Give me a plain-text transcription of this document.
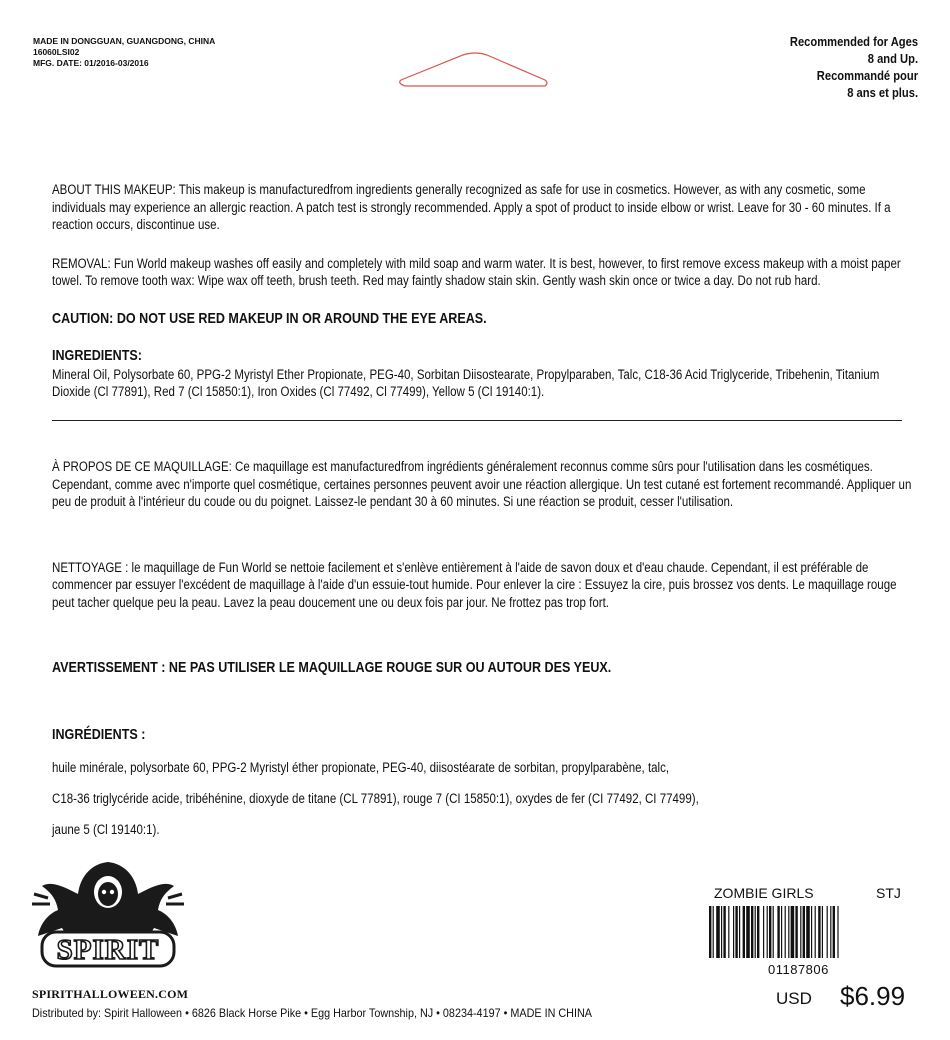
MADE IN DONGGUAN, GUANGDONG, CHINA
16060LSI02
MFG. DATE: 01/2016-03/2016
Recommended for Ages
8 and Up.
Recommandé pour
8 ans et plus.

ABOUT THIS MAKEUP: This makeup is manufacturedfrom ingredients generally recognized as safe for use in cosmetics. However, as with any cosmetic, some individuals may experience an allergic reaction. A patch test is strongly recommended. Apply a spot of product to inside elbow or wrist. Leave for 30 - 60 minutes. If a reaction occurs, discontinue use.

REMOVAL: Fun World makeup washes off easily and completely with mild soap and warm water. It is best, however, to first remove excess makeup with a moist paper towel. To remove tooth wax: Wipe wax off teeth, brush teeth. Red may faintly shadow stain skin. Gently wash skin once or twice a day. Do not rub hard.

CAUTION: DO NOT USE RED MAKEUP IN OR AROUND THE EYE AREAS.

INGREDIENTS:

Mineral Oil, Polysorbate 60, PPG-2 Myristyl Ether Propionate, PEG-40, Sorbitan Diisostearate, Propylparaben, Talc, C18-36 Acid Triglyceride, Tribehenin, Titanium Dioxide (Cl 77891), Red 7 (Cl 15850:1), Iron Oxides (Cl 77492, Cl 77499), Yellow 5 (Cl 19140:1).

À PROPOS DE CE MAQUILLAGE: Ce maquillage est manufacturedfrom ingrédients généralement reconnus comme sûrs pour l'utilisation dans les cosmétiques. Cependant, comme avec n'importe quel cosmétique, certaines personnes peuvent avoir une réaction allergique. Un test cutané est fortement recommandé. Appliquer un peu de produit à l'intérieur du coude ou du poignet. Laissez-le pendant 30 à 60 minutes. Si une réaction se produit, cesser l'utilisation.

NETTOYAGE : le maquillage de Fun World se nettoie facilement et s'enlève entièrement à l'aide de savon doux et d'eau chaude. Cependant, il est préférable de commencer par essuyer l'excédent de maquillage à l'aide d'un essuie-tout humide. Pour enlever la cire : Essuyez la cire, puis brossez vos dents. Le maquillage rouge peut tacher quelque peu la peau. Lavez la peau doucement une ou deux fois par jour. Ne frottez pas trop fort.

AVERTISSEMENT : NE PAS UTILISER LE MAQUILLAGE ROUGE SUR OU AUTOUR DES YEUX.

INGRÉDIENTS :

huile minérale, polysorbate 60, PPG-2 Myristyl éther propionate, PEG-40, diisostéarate de sorbitan, propylparabène, talc,

C18-36 triglycéride acide, tribéhénine, dioxyde de titane (CL 77891), rouge 7 (CI 15850:1), oxydes de fer (CI 77492, CI 77499),

jaune 5 (Cl 19140:1).

SPIRIT
SPIRITHALLOWEEN.COM
Distributed by: Spirit Halloween • 6826 Black Horse Pike • Egg Harbor Township, NJ • 08234-4197 • MADE IN CHINA
ZOMBIE GIRLS	STJ
01187806
USD $6.99
